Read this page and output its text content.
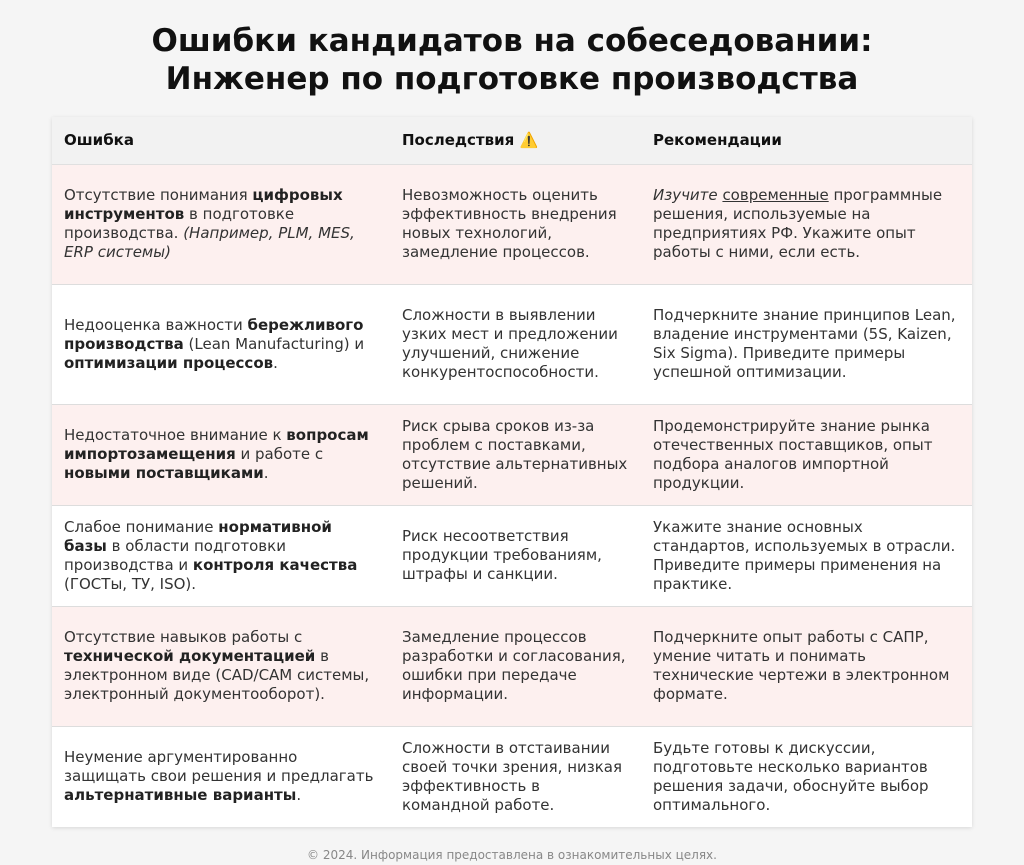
Ошибки кандидатов на собеседовании:
Инженер по подготовке производства
Ошибка	Последствия ⚠️	Рекомендации
Отсутствие понимания цифровых инструментов в подготовке производства. (Например, PLM, MES, ERP системы)	Невозможность оценить эффективность внедрения новых технологий, замедление процессов.	Изучите современные программные решения, используемые на предприятиях РФ. Укажите опыт работы с ними, если есть.
Недооценка важности бережливого производства (Lean Manufacturing) и оптимизации процессов.	Сложности в выявлении узких мест и предложении улучшений, снижение конкурентоспособности.	Подчеркните знание принципов Lean, владение инструментами (5S, Kaizen, Six Sigma). Приведите примеры успешной оптимизации.
Недостаточное внимание к вопросам импортозамещения и работе с новыми поставщиками.	Риск срыва сроков из-за проблем с поставками, отсутствие альтернативных решений.	Продемонстрируйте знание рынка отечественных поставщиков, опыт подбора аналогов импортной продукции.
Слабое понимание нормативной базы в области подготовки производства и контроля качества (ГОСТы, ТУ, ISO).	Риск несоответствия продукции требованиям, штрафы и санкции.	Укажите знание основных стандартов, используемых в отрасли. Приведите примеры применения на практике.
Отсутствие навыков работы с технической документацией в электронном виде (CAD/CAM системы, электронный документооборот).	Замедление процессов разработки и согласования, ошибки при передаче информации.	Подчеркните опыт работы с САПР, умение читать и понимать технические чертежи в электронном формате.
Неумение аргументированно защищать свои решения и предлагать альтернативные варианты.	Сложности в отстаивании своей точки зрения, низкая эффективность в командной работе.	Будьте готовы к дискуссии, подготовьте несколько вариантов решения задачи, обоснуйте выбор оптимального.
© 2024. Информация предоставлена в ознакомительных целях.
